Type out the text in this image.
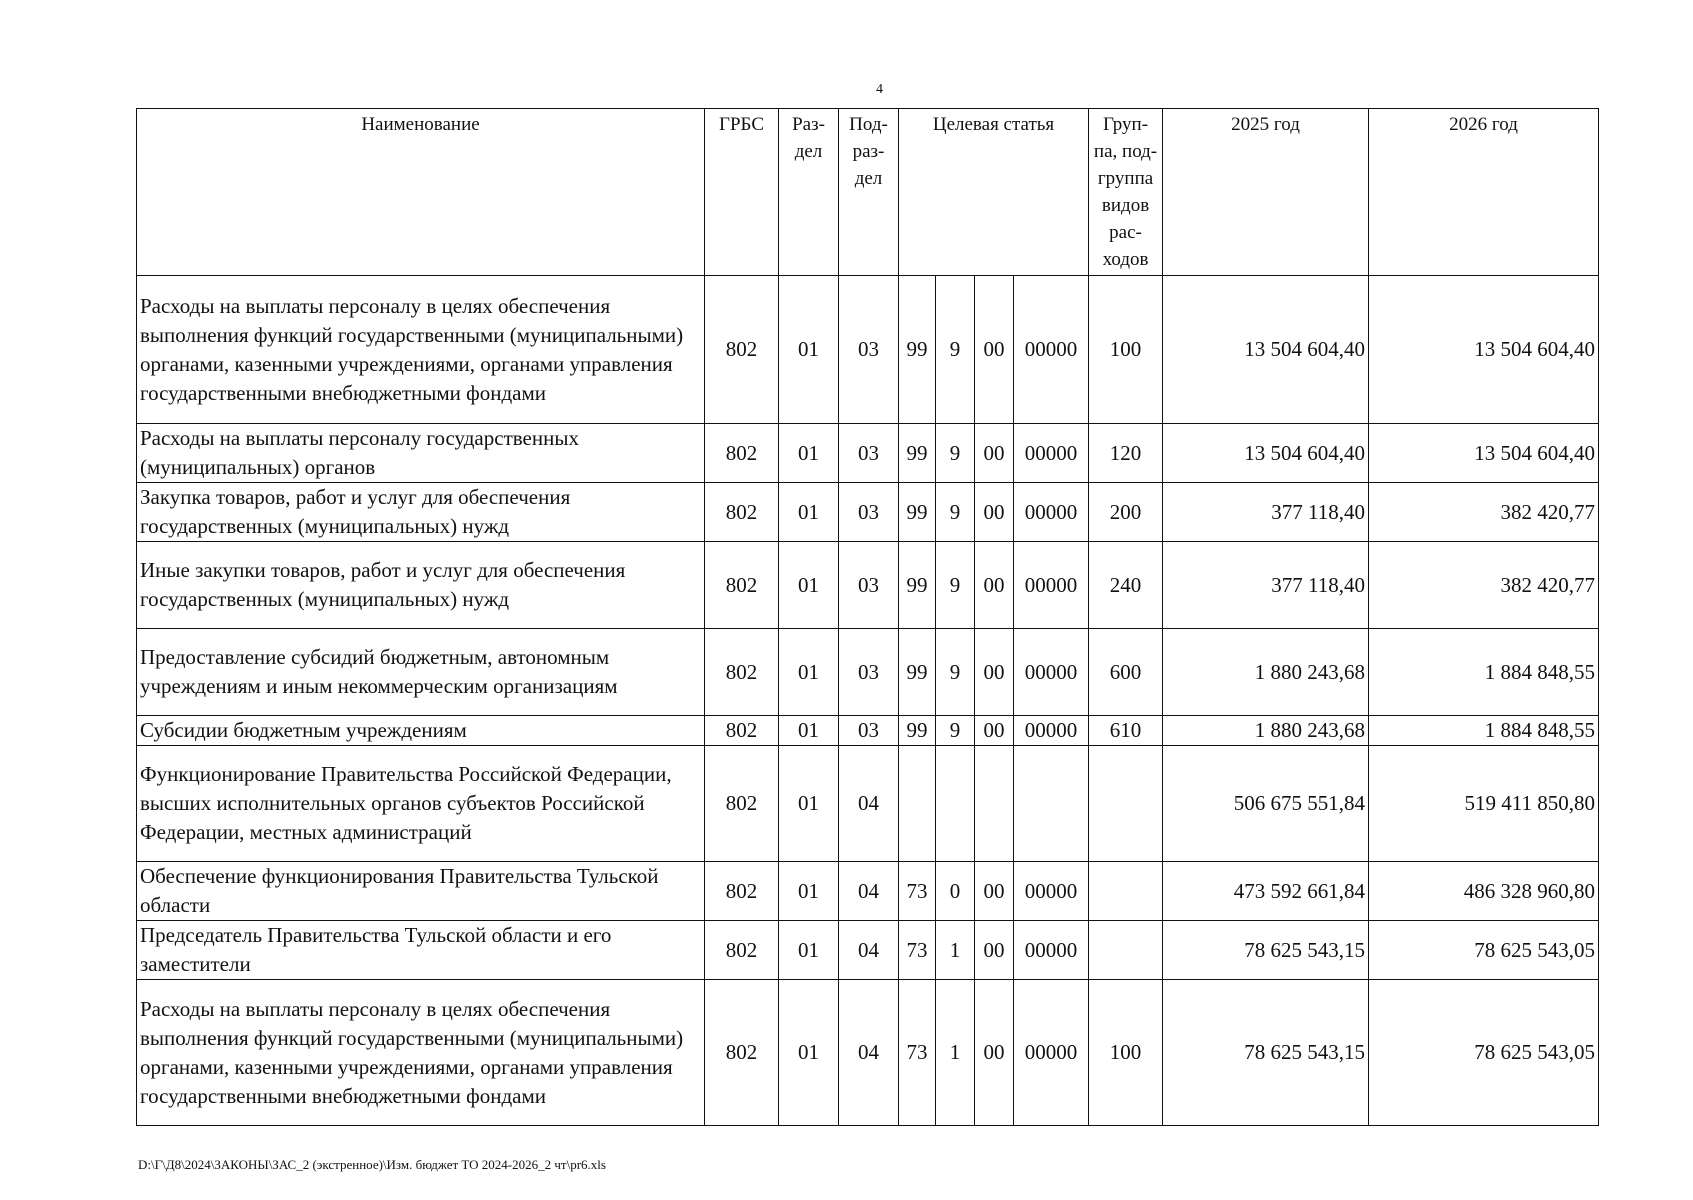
4
Наименование	ГРБС	Раз-дел	Под-раз-дел	Целевая статья				Груп-па, под-группа видов рас-ходов	2025 год	2026 год
Расходы на выплаты персоналу в целях обеспечения выполнения функций государственными (муниципальными) органами, казенными учреждениями, органами управления государственными внебюджетными фондами	802	01	03	99	9	00	00000	100	13 504 604,40	13 504 604,40
Расходы на выплаты персоналу государственных (муниципальных) органов	802	01	03	99	9	00	00000	120	13 504 604,40	13 504 604,40
Закупка товаров, работ и услуг для обеспечения государственных (муниципальных) нужд	802	01	03	99	9	00	00000	200	377 118,40	382 420,77
Иные закупки товаров, работ и услуг для обеспечения государственных (муниципальных) нужд	802	01	03	99	9	00	00000	240	377 118,40	382 420,77
Предоставление субсидий бюджетным, автономным учреждениям и иным некоммерческим организациям	802	01	03	99	9	00	00000	600	1 880 243,68	1 884 848,55
Субсидии бюджетным учреждениям	802	01	03	99	9	00	00000	610	1 880 243,68	1 884 848,55
Функционирование Правительства Российской Федерации, высших исполнительных органов субъектов Российской Федерации, местных администраций	802	01	04						506 675 551,84	519 411 850,80
Обеспечение функционирования Правительства Тульской области	802	01	04	73	0	00	00000		473 592 661,84	486 328 960,80
Председатель Правительства Тульской области и его заместители	802	01	04	73	1	00	00000		78 625 543,15	78 625 543,05
Расходы на выплаты персоналу в целях обеспечения выполнения функций государственными (муниципальными) органами, казенными учреждениями, органами управления государственными внебюджетными фондами	802	01	04	73	1	00	00000	100	78 625 543,15	78 625 543,05
D:\Г\Д8\2024\ЗАКОНЫ\ЗАС_2 (экстренное)\Изм. бюджет ТО 2024-2026_2 чт\pr6.xls
